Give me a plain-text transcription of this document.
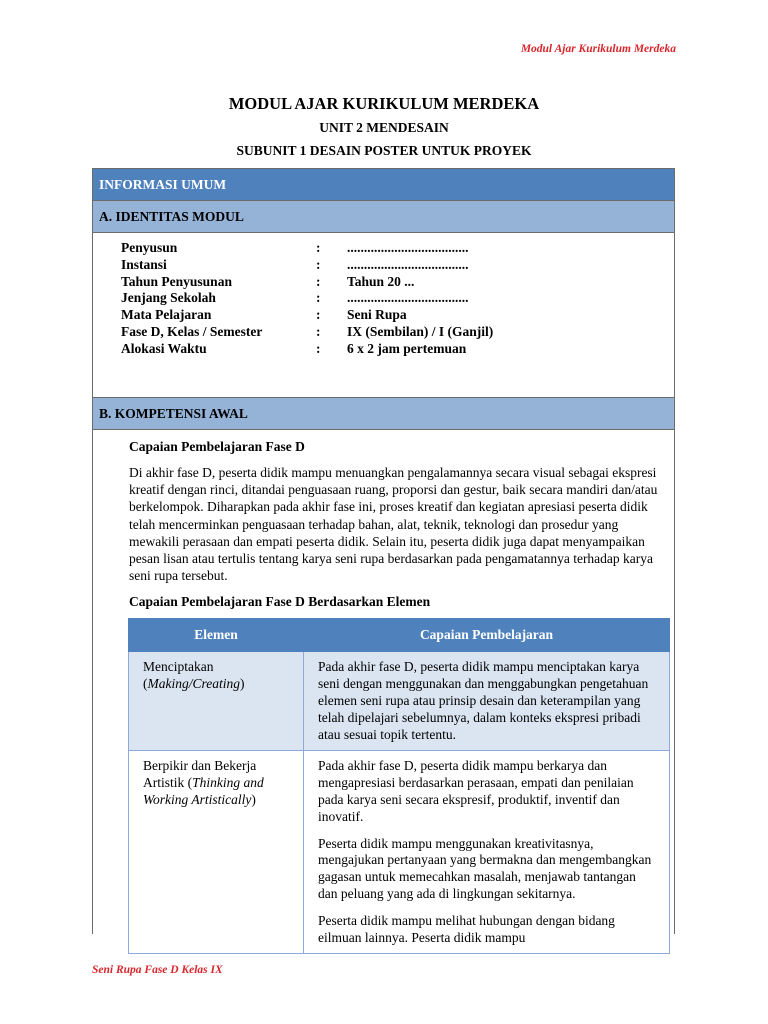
Modul Ajar Kurikulum Merdeka
MODUL AJAR KURIKULUM MERDEKA
UNIT 2 MENDESAIN
SUBUNIT 1 DESAIN POSTER UNTUK PROYEK
INFORMASI UMUM
A. IDENTITAS MODUL
Penyusun	:	....................................
Instansi	:	....................................
Tahun Penyusunan	:	Tahun 20 ...
Jenjang Sekolah	:	....................................
Mata Pelajaran	:	Seni Rupa
Fase D, Kelas / Semester	:	IX (Sembilan) / I (Ganjil)
Alokasi Waktu	:	6 x 2 jam pertemuan
B. KOMPETENSI AWAL
Capaian Pembelajaran Fase D
Di akhir fase D, peserta didik mampu menuangkan pengalamannya secara visual sebagai ekspresi kreatif dengan rinci, ditandai penguasaan ruang, proporsi dan gestur, baik secara mandiri dan/atau berkelompok. Diharapkan pada akhir fase ini, proses kreatif dan kegiatan apresiasi peserta didik telah mencerminkan penguasaan terhadap bahan, alat, teknik, teknologi dan prosedur yang mewakili perasaan dan empati peserta didik. Selain itu, peserta didik juga dapat menyampaikan pesan lisan atau tertulis tentang karya seni rupa berdasarkan pada pengamatannya terhadap karya seni rupa tersebut.
Capaian Pembelajaran Fase D Berdasarkan Elemen
Elemen	Capaian Pembelajaran
Menciptakan
(Making/Creating)	Pada akhir fase D, peserta didik mampu menciptakan karya seni dengan menggunakan dan menggabungkan pengetahuan elemen seni rupa atau prinsip desain dan keterampilan yang telah dipelajari sebelumnya, dalam konteks ekspresi pribadi atau sesuai topik tertentu.

Berpikir dan Bekerja Artistik (Thinking and Working Artistically)	Pada akhir fase D, peserta didik mampu berkarya dan mengapresiasi berdasarkan perasaan, empati dan penilaian pada karya seni secara ekspresif, produktif, inventif dan inovatif.

Peserta didik mampu menggunakan kreativitasnya, mengajukan pertanyaan yang bermakna dan mengembangkan gagasan untuk memecahkan masalah, menjawab tantangan dan peluang yang ada di lingkungan sekitarnya.

Peserta didik mampu melihat hubungan dengan bidang eilmuan lainnya. Peserta didik mampu

Seni Rupa Fase D Kelas IX
